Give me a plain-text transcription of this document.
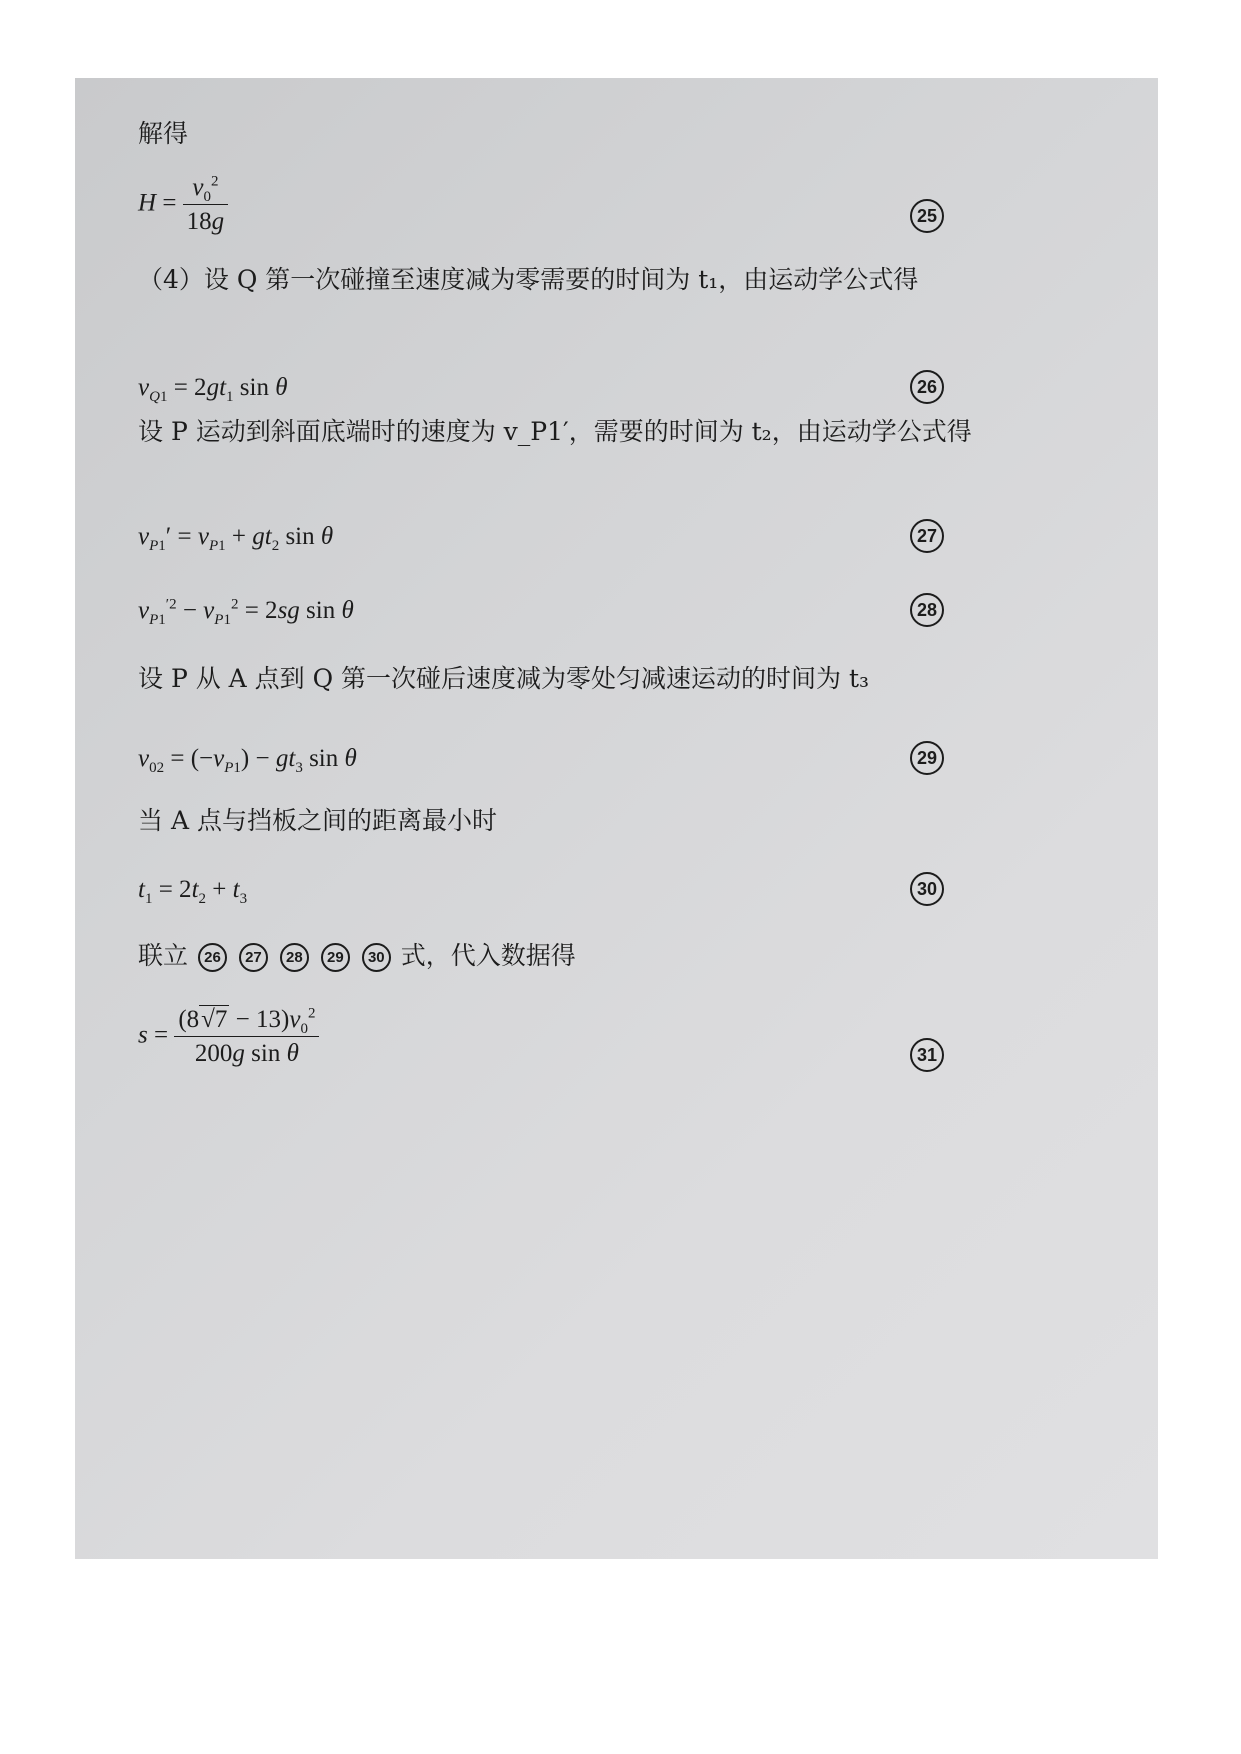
解得
$H = \frac{v_0^2}{18g}$	25
（4）设 Q 第一次碰撞至速度减为零需要的时间为 t₁，由运动学公式得
$v_{Q1} = 2gt_1$ sin θ	26
设 P 运动到斜面底端时的速度为 v_P1′，需要的时间为 t₂，由运动学公式得
$v_{P1}' = v_{P1} + gt_2$ sin θ	27
$v_{P1}^{'2} - v_{P1}^2 = 2sg$ sin θ	28
设 P 从 A 点到 Q 第一次碰后速度减为零处匀减速运动的时间为 t₃
$v_{02} = (-v_{P1}) - gt_3$ sin θ	29
当 A 点与挡板之间的距离最小时
$t_1 = 2t_2 + t_3$	30
联立 26 27 28 29 30 式，代入数据得
$s = \frac{(8√7 - 13)v_0^2}{\text{200g sin θ}}$	31
